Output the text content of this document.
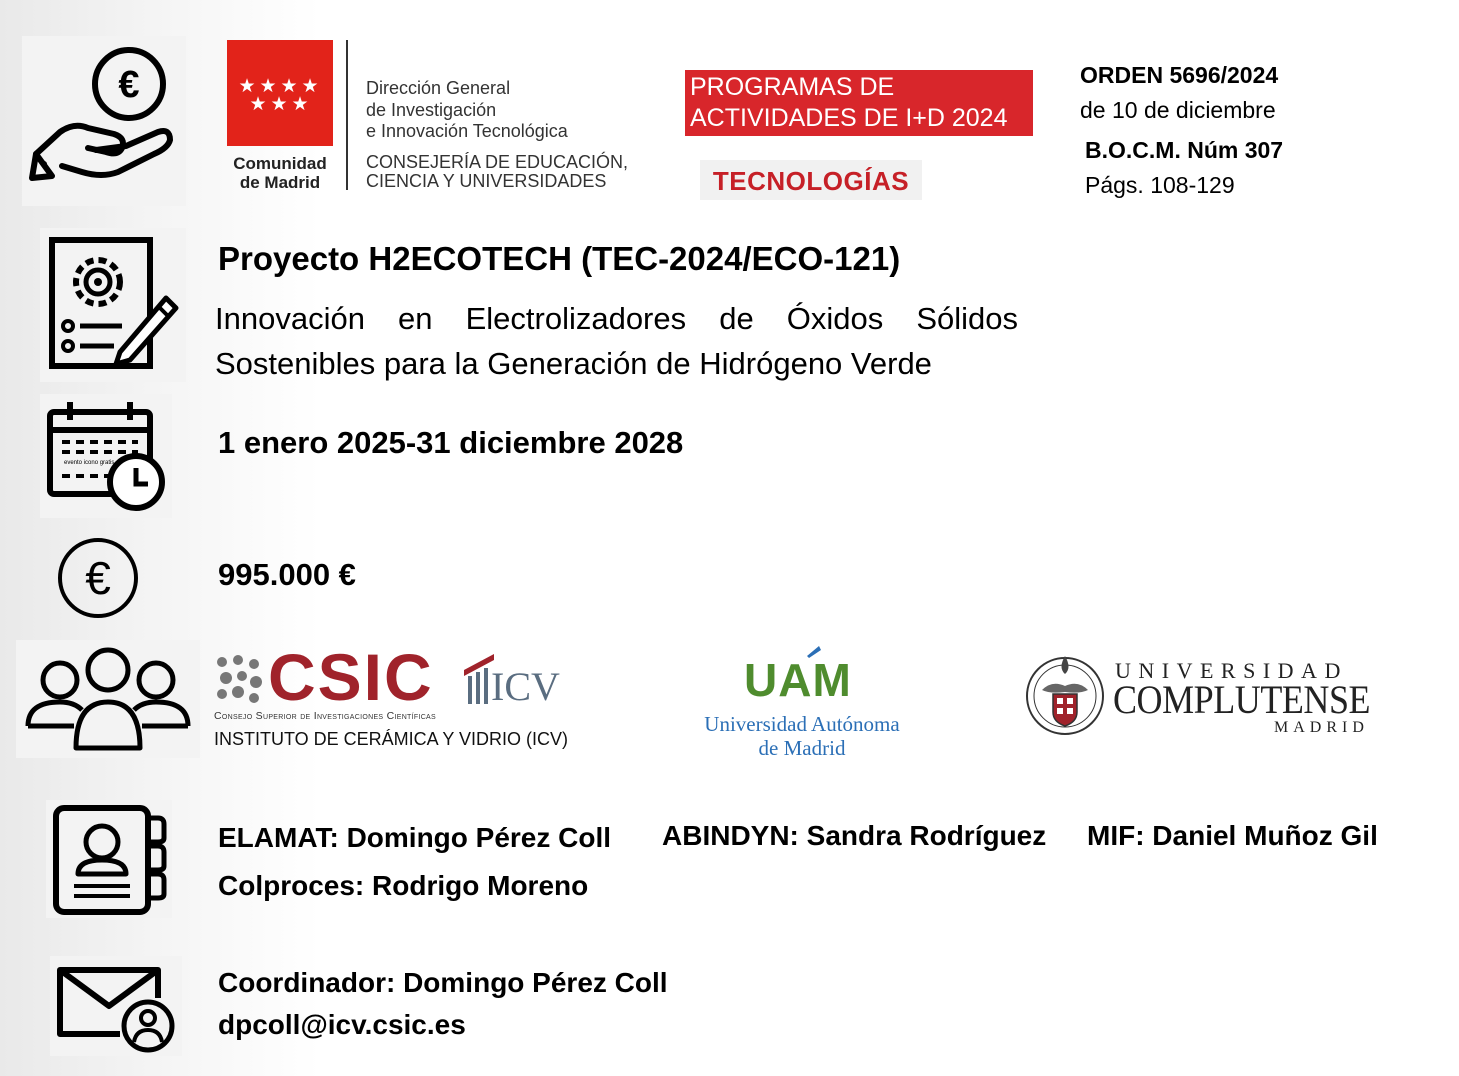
€
evento icono gratis
€
★ ★ ★ ★
★ ★ ★
Comunidad
de Madrid
Dirección General
de Investigación
e Innovación Tecnológica
CONSEJERÍA DE EDUCACIÓN,
CIENCIA Y UNIVERSIDADES
PROGRAMAS DE
ACTIVIDADES DE I+D 2024
TECNOLOGÍAS
ORDEN 5696/2024
de 10 de diciembre
B.O.C.M. Núm 307
Págs. 108-129
Proyecto H2ECOTECH (TEC-2024/ECO-121)
Innovación en Electrolizadores de Óxidos Sólidos
Sostenibles para la Generación de Hidrógeno Verde
1 enero 2025-31 diciembre 2028
995.000 €
CSIC ICV
Consejo Superior de Investigaciones Científicas
INSTITUTO DE CERÁMICA Y VIDRIO (ICV)
UAM
Universidad Autónoma
de Madrid
UNIVERSIDAD
COMPLUTENSE
MADRID
ELAMAT: Domingo Pérez Coll ABINDYN: Sandra Rodríguez MIF: Daniel Muñoz Gil
Colproces: Rodrigo Moreno
Coordinador: Domingo Pérez Coll
dpcoll@icv.csic.es
